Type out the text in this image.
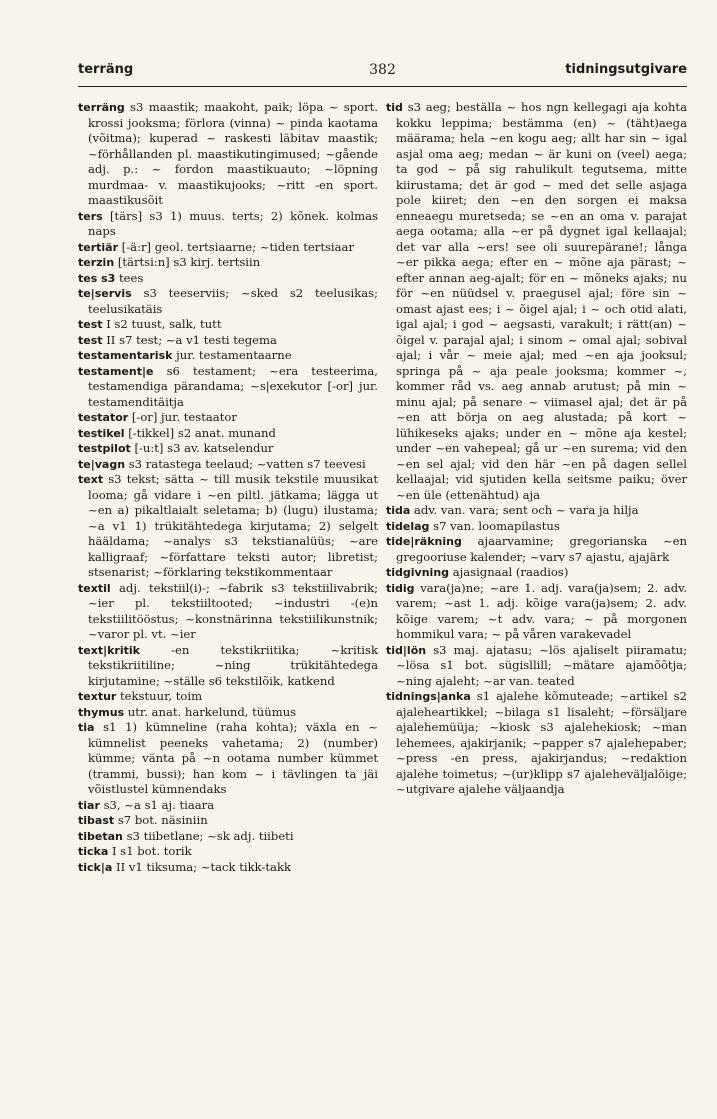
terräng	382	tidningsutgivare

terräng s3 maastik; maakoht, paik; löpa ~ sport. krossi jooksma; förlora (vinna) ~ pinda kaotama (võitma); kuperad ~ raskesti läbitav maastik; ~förhållanden pl. maastikutingimused; ~gående adj. p.: ~ fordon maastikuauto; ~löpning murdmaa- v. maastikujooks; ~ritt -en sport. maastikusõit

ters [tärs] s3 1) muus. terts; 2) kõnek. kolmas naps

tertiär [-ä:r] geol. tertsiaarne; ~tiden tertsiaar

terzin [tärtsi:n] s3 kirj. tertsiin

tes s3 tees

te|servis s3 teeserviis; ~sked s2 teelusikas; teelusikatäis

test I s2 tuust, salk, tutt

test II s7 test; ~a v1 testi tegema

testamentarisk jur. testamentaarne

testament|e s6 testament; ~era testeerima, testamendiga pärandama; ~s|exekutor [-or] jur. testamenditäitja

testator [-or] jur. testaator

testikel [-tikkel] s2 anat. munand

testpilot [-u:t] s3 av. katselendur

te|vagn s3 ratastega teelaud; ~vatten s7 teevesi

text s3 tekst; sätta ~ till musik tekstile muusikat looma; gå vidare i ~en piltl. jätkama; lägga ut ~en a) pikaltlaialt seletama; b) (lugu) ilustama; ~a v1 1) trükitähtedega kirjutama; 2) selgelt hääldama; ~analys s3 tekstianalüüs; ~are kalligraaf; ~författare teksti autor; libretist; stsenarist; ~förklaring tekstikommentaar

textil adj. tekstiil(i)-; ~fabrik s3 tekstiilivabrik; ~ier pl. tekstiiltooted; ~industri -(e)n tekstiilitööstus; ~konstnärinna tekstiilikunstnik; ~varor pl. vt. ~ier

text|kritik	-en tekstikriitika; ~kritisk tekstikriitiline; ~ning trükitähtedega kirjutamine; ~ställe s6 tekstilõik, katkend

textur tekstuur, toim

thymus utr. anat. harkelund, tüümus

tia s1 1) kümneline (raha kohta); växla en ~ kümnelist peeneks vahetama; 2) (number) kümme; vänta på ~n ootama number kümmet (trammi, bussi); han kom ~ i tävlingen ta jäi võistlustel kümnendaks

tiar s3, ~a s1 aj. tiaara

tibast s7 bot. näsiniin

tibetan s3 tiibetlane; ~sk adj. tiibeti

ticka I s1 bot. torik

tick|a II v1 tiksuma; ~tack tikk-takk

tid s3 aeg; beställa ~ hos ngn kellegagi aja kohta kokku leppima; bestämma (en) ~ (täht)aega määrama; hela ~en kogu aeg; allt har sin ~ igal asjal oma aeg; medan ~ är kuni on (veel) aega; ta god ~ på sig rahulikult tegutsema, mitte kiirustama; det är god ~ med det selle asjaga pole kiiret; den ~en den sorgen ei maksa enneaegu muretseda; se ~en an oma v. parajat aega ootama; alla ~er på dygnet igal kellaajal; det var alla ~ers! see oli suurepärane!; långa ~er pikka aega; efter en ~ mõne aja pärast; ~ efter annan aeg-ajalt; för en ~ mõneks ajaks; nu för ~en nüüdsel v. praegusel ajal; före sin ~ omast ajast ees; i ~ õigel ajal; i ~ och otid alati, igal ajal; i god ~ aegsasti, varakult; i rätt(an) ~ õigel v. parajal ajal; i sinom ~ omal ajal; sobival ajal; i vår ~ meie ajal; med ~en aja jooksul; springa på ~ aja peale jooksma; kommer ~, kommer råd vs. aeg annab arutust; på min ~ minu ajal; på senare ~ viimasel ajal; det är på ~en att börja on aeg alustada; på kort ~ lühikeseks ajaks; under en ~ mõne aja kestel; under ~en vahepeal; gå ur ~en surema; vid den ~en sel ajal; vid den här ~en på dagen sellel kellaajal; vid sjutiden kella seitsme paiku; över ~en üle (ettenähtud) aja

tida adv. van. vara; sent och ~ vara ja hilja

tidelag s7 van. loomapilastus

tide|räkning ajaarvamine; gregorianska ~en gregooriuse kalender; ~varv s7 ajastu, ajajärk

tidgivning ajasignaal (raadios)

tidig vara(ja)ne; ~are 1. adj. vara(ja)sem; 2. adv. varem; ~ast 1. adj. kõige vara(ja)sem; 2. adv. kõige varem; ~t adv. vara; ~ på morgonen hommikul vara; ~ på våren varakevadel

tid|lön s3 maj. ajatasu; ~lös ajaliselt piiramatu; ~lösa s1 bot. sügisllill; ~mätare ajamõõtja; ~ning ajaleht; ~ar van. teated

tidnings|anka s1 ajalehe kõmuteade; ~artikel s2 ajaleheartikkel; ~bilaga s1 lisaleht; ~försäljare ajalehemüüja; ~kiosk s3 ajalehekiosk; ~man lehemees, ajakirjanik; ~papper s7 ajalehepaber; ~press -en press, ajakirjandus; ~redaktion ajalehe toimetus; ~(ur)klipp s7 ajaleheväljalõige; ~utgivare ajalehe väljaandja
